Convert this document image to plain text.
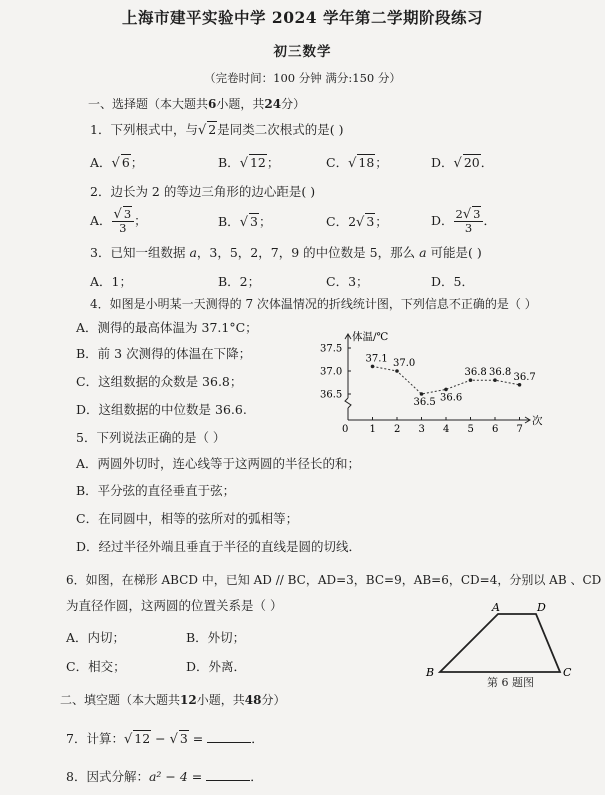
上海市建平实验中学 2024 学年第二学期阶段练习
初三数学
（完卷时间：100 分钟 满分:150 分）
一、选择题（本大题共6小题，共24分）
1．下列根式中，与√ 2是同类二次根式的是( )
A．√ 6；	B．√ 12；	C．√ 18；	D．√ 20．
2．边长为 2 的等边三角形的边心距是( )
A． $\frac{√ 3}{3}$ ；	B．√ 3；	C．2√ 3；	D． $\frac{2√ 3}{3}$ ．
3．已知一组数据 a，3，5，2，7，9 的中位数是 5，那么 a 可能是( )
A．1；	B．2；	C．3；	D．5．
4．如图是小明某一天测得的 7 次体温情况的折线统计图，下列信息不正确的是（ ）
A．测得的最高体温为 37.1°C；
B．前 3 次测得的体温在下降；
C．这组数据的众数是 36.8；
D．这组数据的中位数是 36.6.
37.5
37.0
36.5
0 1 2 3 4 5 6 7
体温/℃
次
37.1 37.0
36.5 36.6
36.8 36.8 36.7
5．下列说法正确的是（ ）
A．两圆外切时，连心线等于这两圆的半径长的和；
B．平分弦的直径垂直于弦；
C．在同圆中，相等的弦所对的弧相等；
D．经过半径外端且垂直于半径的直线是圆的切线．
6．如图，在梯形 ABCD 中，已知 AD // BC，AD=3，BC=9，AB=6，CD=4，分别以 AB 、CD
为直径作圆，这两圆的位置关系是（ ）
A．内切；	B．外切；
C．相交；	D．外离．
A	D
B	C
第 6 题图
二、填空题（本大题共12小题，共48分）
7．计算：√ 12 − √ 3 =	．
8．因式分解：a² − 4 =	．
